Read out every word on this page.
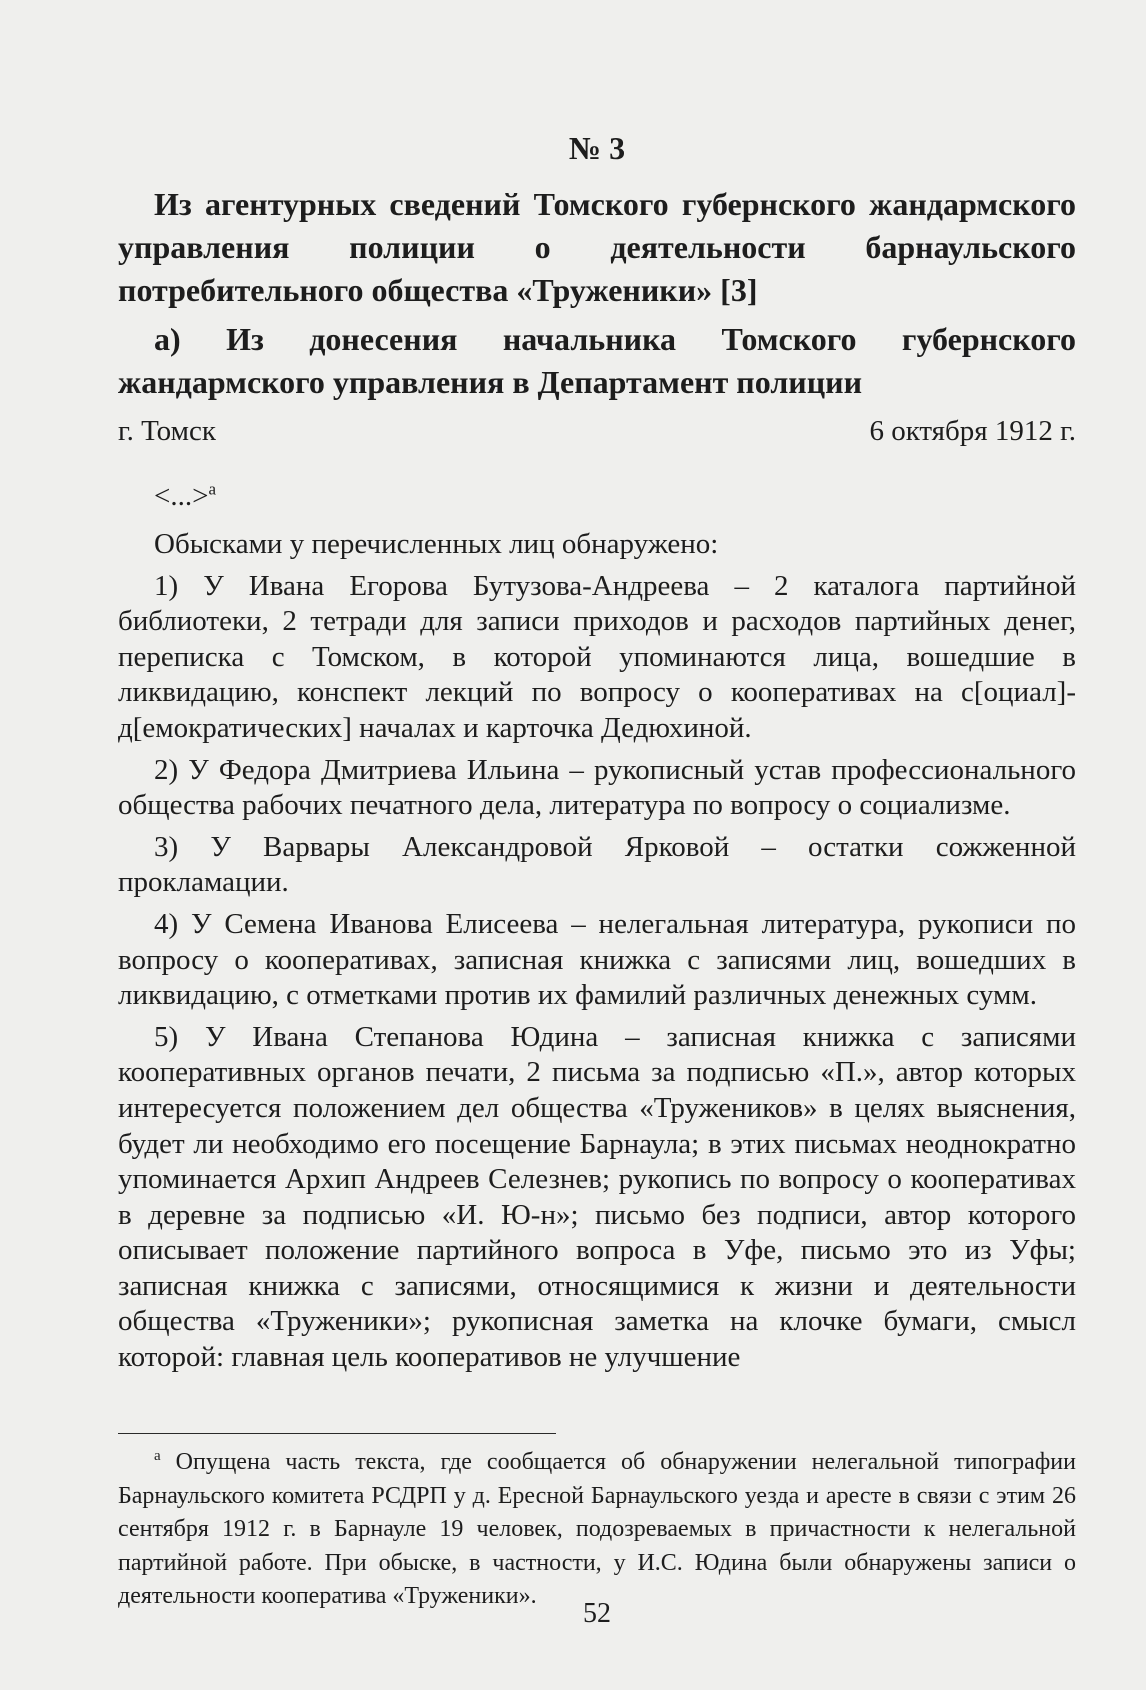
№ 3
Из агентурных сведений Томского губернского жандармского управления полиции о деятельности барнаульского потребительного общества «Труженики» [3]
а) Из донесения начальника Томского губернского жандармского управления в Департамент полиции
г. Томск	6 октября 1912 г.
<...>$^а$

Обысками у перечисленных лиц обнаружено:

1) У Ивана Егорова Бутузова-Андреева – 2 каталога партийной библиотеки, 2 тетради для записи приходов и расходов партийных денег, переписка с Томском, в которой упоминаются лица, вошедшие в ликвидацию, конспект лекций по вопросу о кооперативах на с[оциал]-д[емократических] началах и карточка Дедюхиной.

2) У Федора Дмитриева Ильина – рукописный устав профессионального общества рабочих печатного дела, литература по вопросу о социализме.

3) У Варвары Александровой Ярковой – остатки сожженной прокламации.

4) У Семена Иванова Елисеева – нелегальная литература, рукописи по вопросу о кооперативах, записная книжка с записями лиц, вошедших в ликвидацию, с отметками против их фамилий различных денежных сумм.

5) У Ивана Степанова Юдина – записная книжка с записями кооперативных органов печати, 2 письма за подписью «П.», автор которых интересуется положением дел общества «Тружеников» в целях выяснения, будет ли необходимо его посещение Барнаула; в этих письмах неоднократно упоминается Архип Андреев Селезнев; рукопись по вопросу о кооперативах в деревне за подписью «И. Ю-н»; письмо без подписи, автор которого описывает положение партийного вопроса в Уфе, письмо это из Уфы; записная книжка с записями, относящимися к жизни и деятельности общества «Труженики»; рукописная заметка на клочке бумаги, смысл которой: главная цель кооперативов не улучшение

$^а$ Опущена часть текста, где сообщается об обнаружении нелегальной типографии Барнаульского комитета РСДРП у д. Ересной Барнаульского уезда и аресте в связи с этим 26 сентября 1912 г. в Барнауле 19 человек, подозреваемых в причастности к нелегальной партийной работе. При обыске, в частности, у И.С. Юдина были обнаружены записи о деятельности кооператива «Труженики».

52
